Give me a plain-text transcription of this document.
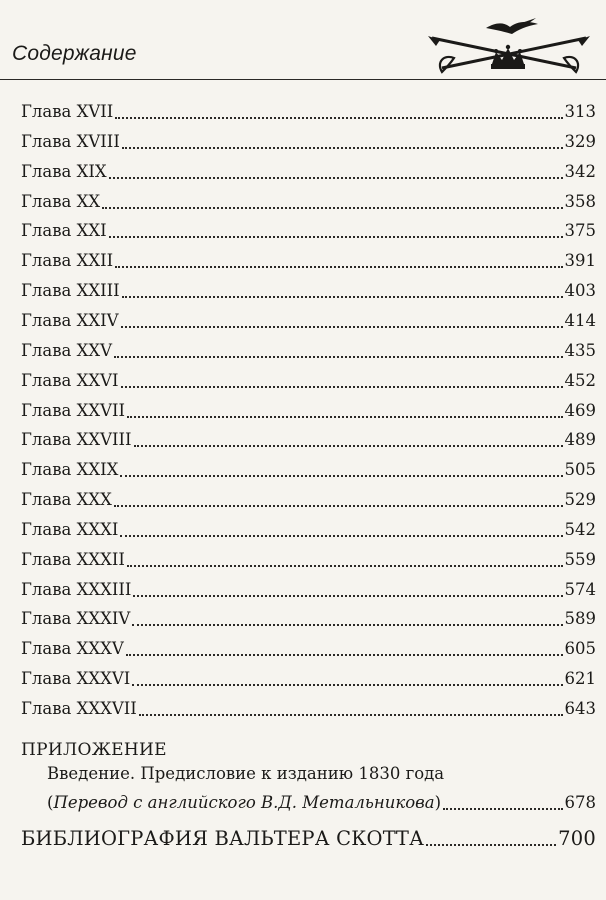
Содержание
ПРИЛОЖЕНИЕ
Введение. Предисловие к изданию 1830 года
(Перевод с английского В.Д. Метальникова)	678
БИБЛИОГРАФИЯ ВАЛЬТЕРА СКОТТА	700
Глава XVII	313
Глава XVIII	329
Глава XIX	342
Глава XX	358
Глава XXI	375
Глава XXII	391
Глава XXIII	403
Глава XXIV	414
Глава XXV	435
Глава XXVI	452
Глава XXVII	469
Глава XXVIII	489
Глава XXIX	505
Глава XXX	529
Глава XXXI	542
Глава XXXII	559
Глава XXXIII	574
Глава XXXIV	589
Глава XXXV	605
Глава XXXVI	621
Глава XXXVII	643
